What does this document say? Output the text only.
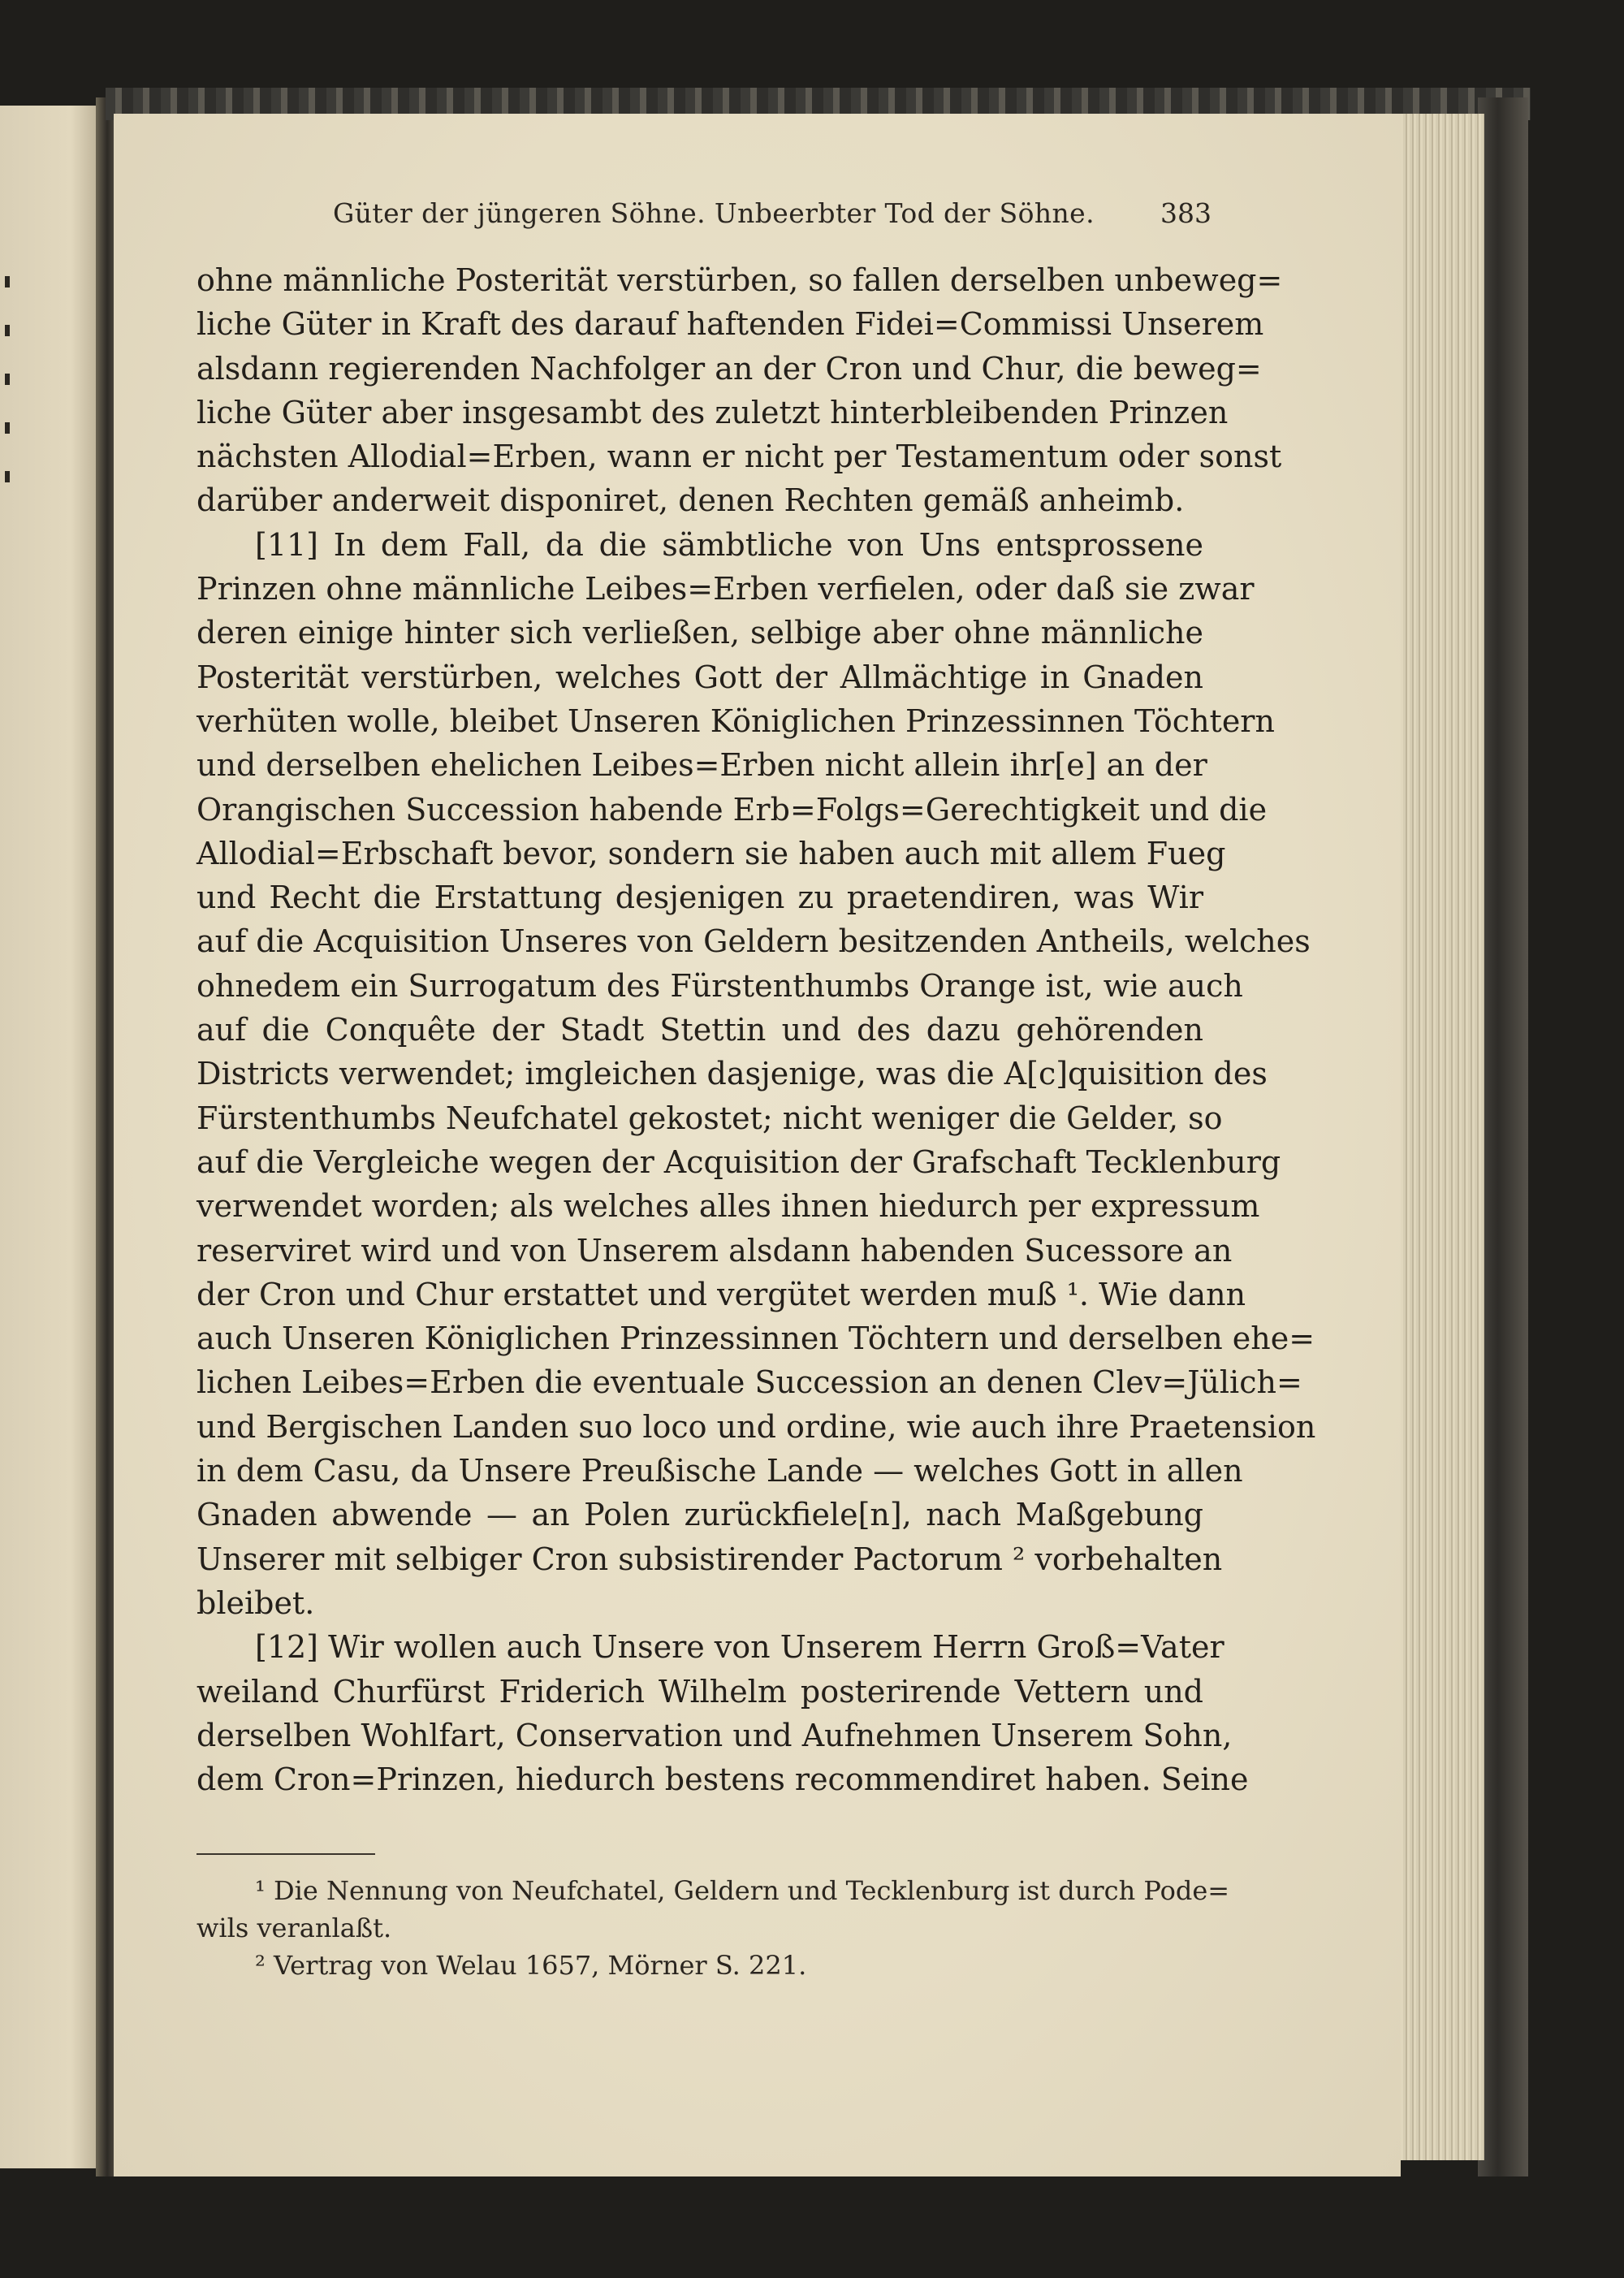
Güter der jüngeren Söhne. Unbeerbter Tod der Söhne. 383
ohne männliche Posterität verstürben, so fallen derselben unbeweg=
liche Güter in Kraft des darauf haftenden Fidei=Commissi Unserem
alsdann regierenden Nachfolger an der Cron und Chur, die beweg=
liche Güter aber insgesambt des zuletzt hinterbleibenden Prinzen
nächsten Allodial=Erben, wann er nicht per Testamentum oder sonst
darüber anderweit disponiret, denen Rechten gemäß anheimb.
[11] In dem Fall, da die sämbtliche von Uns entsprossene
Prinzen ohne männliche Leibes=Erben verfielen, oder daß sie zwar
deren einige hinter sich verließen, selbige aber ohne männliche
Posterität verstürben, welches Gott der Allmächtige in Gnaden
verhüten wolle, bleibet Unseren Königlichen Prinzessinnen Töchtern
und derselben ehelichen Leibes=Erben nicht allein ihr[e] an der
Orangischen Succession habende Erb=Folgs=Gerechtigkeit und die
Allodial=Erbschaft bevor, sondern sie haben auch mit allem Fueg
und Recht die Erstattung desjenigen zu praetendiren, was Wir
auf die Acquisition Unseres von Geldern besitzenden Antheils, welches
ohnedem ein Surrogatum des Fürstenthumbs Orange ist, wie auch
auf die Conquête der Stadt Stettin und des dazu gehörenden
Districts verwendet; imgleichen dasjenige, was die A[c]quisition des
Fürstenthumbs Neufchatel gekostet; nicht weniger die Gelder, so
auf die Vergleiche wegen der Acquisition der Grafschaft Tecklenburg
verwendet worden; als welches alles ihnen hiedurch per expressum
reserviret wird und von Unserem alsdann habenden Sucessore an
der Cron und Chur erstattet und vergütet werden muß ¹. Wie dann
auch Unseren Königlichen Prinzessinnen Töchtern und derselben ehe=
lichen Leibes=Erben die eventuale Succession an denen Clev=Jülich=
und Bergischen Landen suo loco und ordine, wie auch ihre Praetension
in dem Casu, da Unsere Preußische Lande — welches Gott in allen
Gnaden abwende — an Polen zurückfiele[n], nach Maßgebung
Unserer mit selbiger Cron subsistirender Pactorum ² vorbehalten
bleibet.
[12] Wir wollen auch Unsere von Unserem Herrn Groß=Vater
weiland Churfürst Friderich Wilhelm posterirende Vettern und
derselben Wohlfart, Conservation und Aufnehmen Unserem Sohn,
dem Cron=Prinzen, hiedurch bestens recommendiret haben. Seine
¹ Die Nennung von Neufchatel, Geldern und Tecklenburg ist durch Pode=
wils veranlaßt.
² Vertrag von Welau 1657, Mörner S. 221.
